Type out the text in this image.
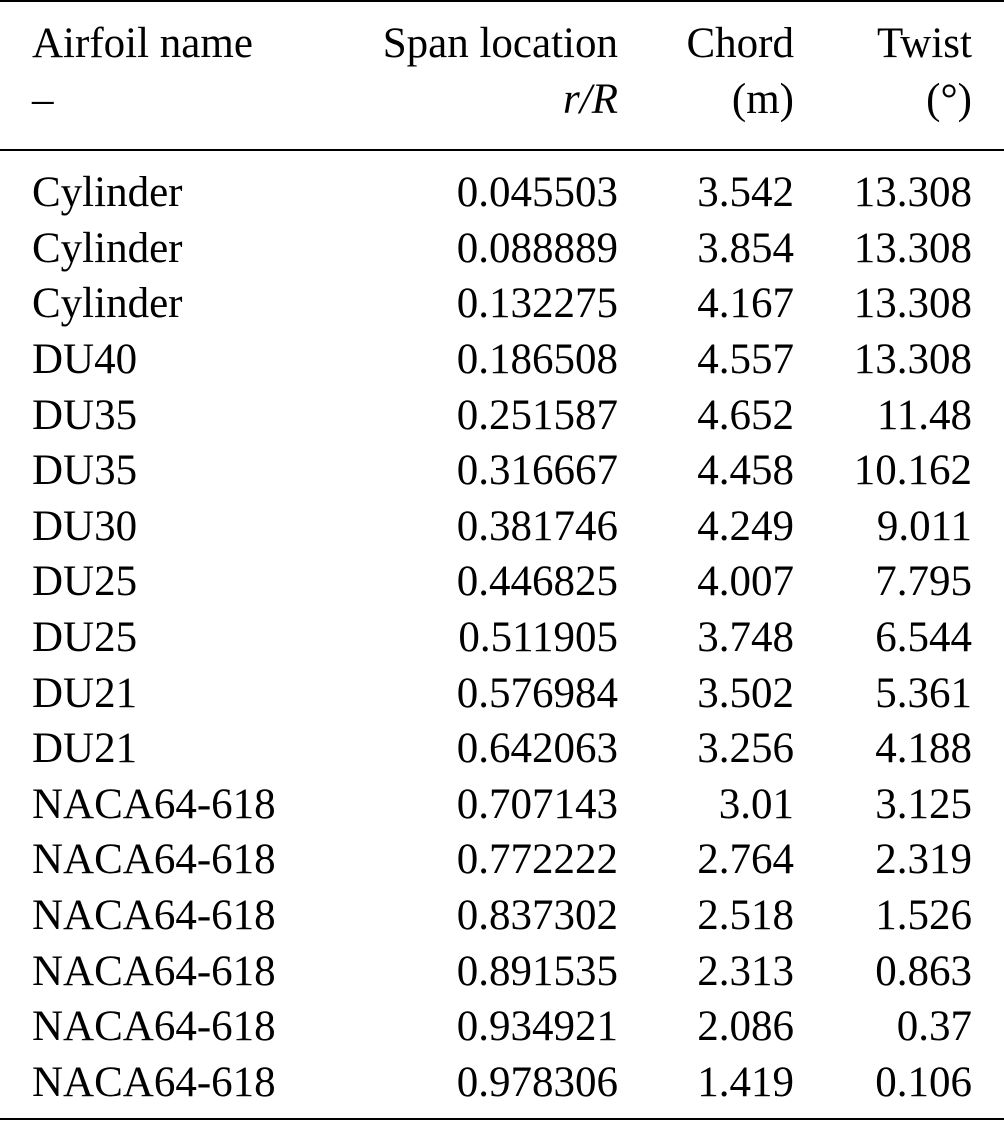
Airfoil name	Span location	Chord	Twist
–	r/R	(m)	(°)
Cylinder	0.045503	3.542	13.308
Cylinder	0.088889	3.854	13.308
Cylinder	0.132275	4.167	13.308
DU40	0.186508	4.557	13.308
DU35	0.251587	4.652	11.48
DU35	0.316667	4.458	10.162
DU30	0.381746	4.249	9.011
DU25	0.446825	4.007	7.795
DU25	0.511905	3.748	6.544
DU21	0.576984	3.502	5.361
DU21	0.642063	3.256	4.188
NACA64-618	0.707143	3.01	3.125
NACA64-618	0.772222	2.764	2.319
NACA64-618	0.837302	2.518	1.526
NACA64-618	0.891535	2.313	0.863
NACA64-618	0.934921	2.086	0.37
NACA64-618	0.978306	1.419	0.106
